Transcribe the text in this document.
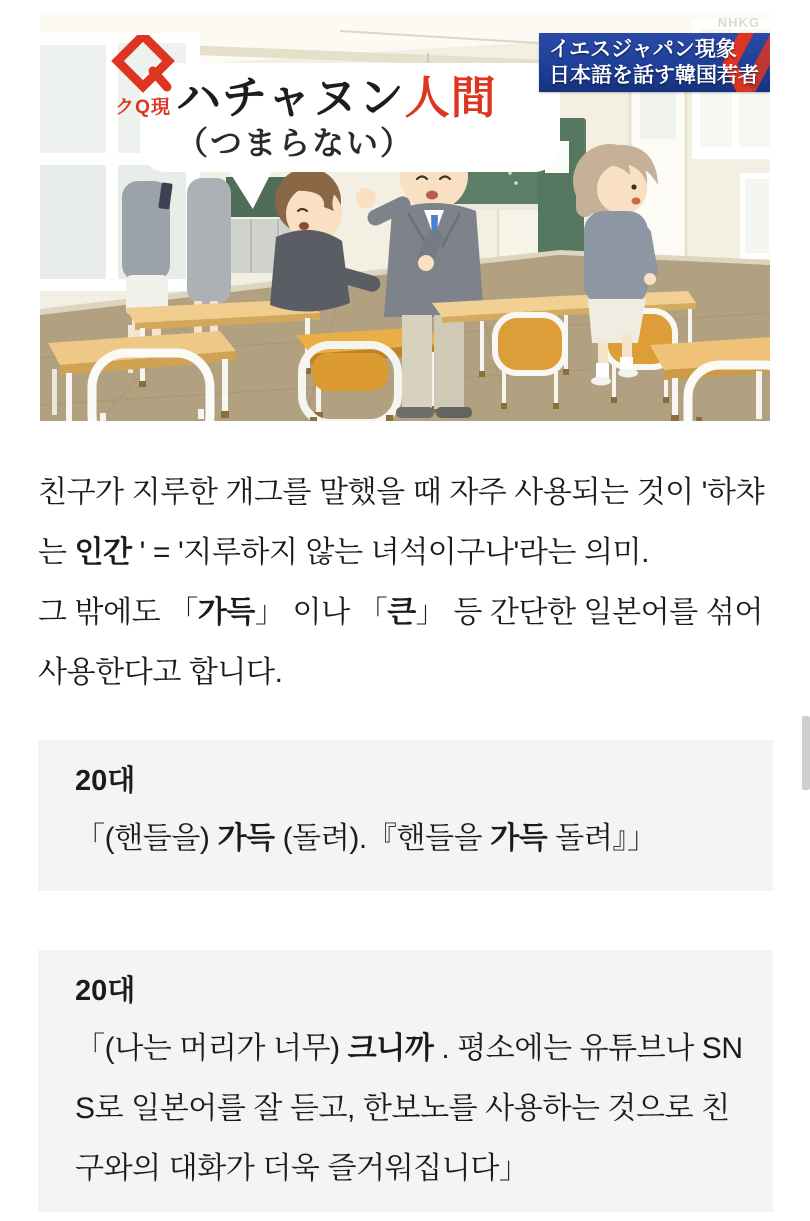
クQ現 ハチャヌン人間
（つまらない）
イエスジャパン現象
日本語を話す韓国若者
NHKG

친구가 지루한 개그를 말했을 때 자주 사용되는 것이 '하챠는 인간 ' = '지루하지 않는 녀석이구나'라는 의미.

그 밖에도 「가득」 이나 「큰」 등 간단한 일본어를 섞어 사용한다고 합니다.

20대
「(핸들을) 가득 (돌려).『핸들을 가득 돌려』」
20대
「(나는 머리가 너무) 크니까 . 평소에는 유튜브나 SNS로 일본어를 잘 듣고, 한보노를 사용하는 것으로 친구와의 대화가 더욱 즐거워집니다」
